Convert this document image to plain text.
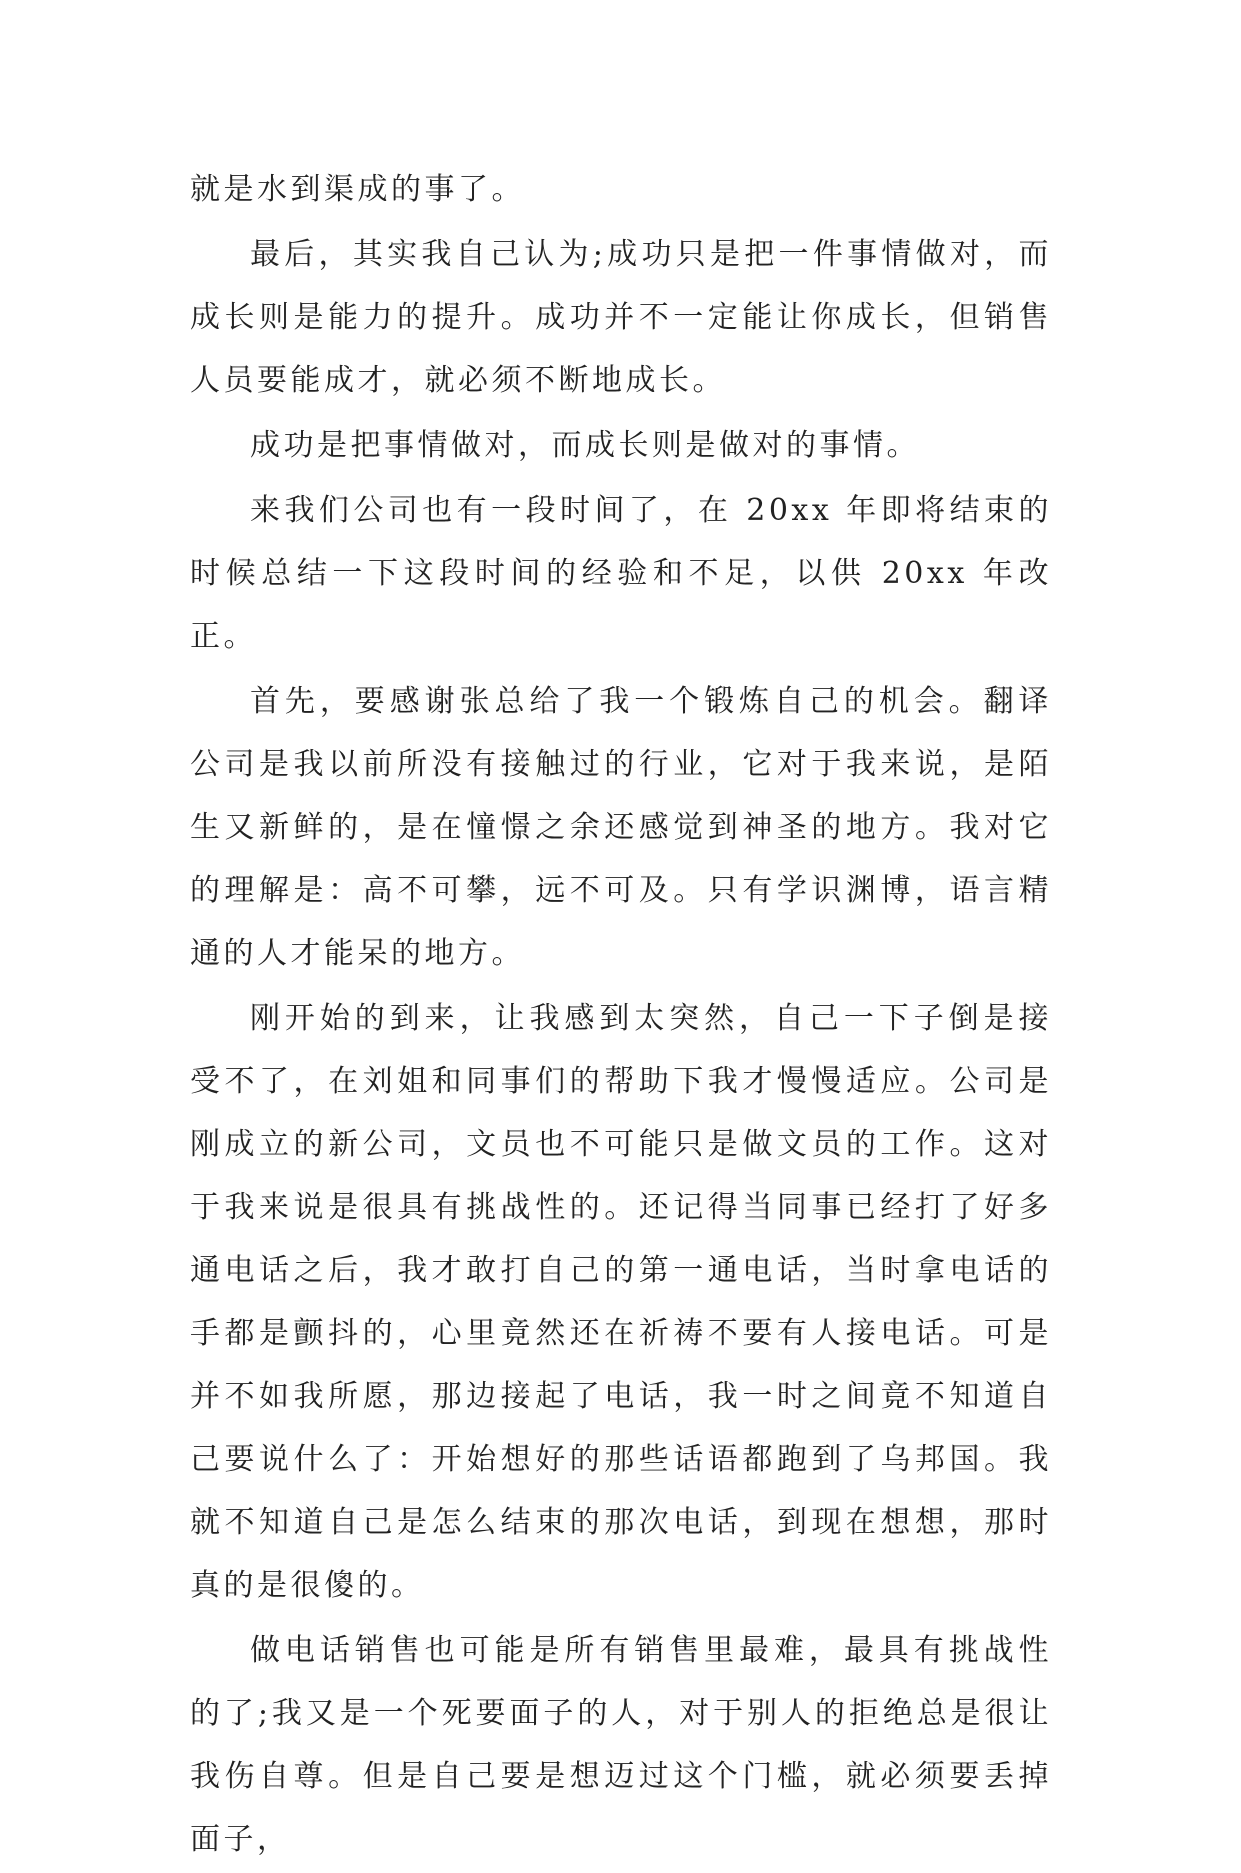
就是水到渠成的事了。

最后，其实我自己认为;成功只是把一件事情做对，而成长则是能力的提升。成功并不一定能让你成长，但销售人员要能成才，就必须不断地成长。

成功是把事情做对，而成长则是做对的事情。

来我们公司也有一段时间了，在 20xx 年即将结束的时候总结一下这段时间的经验和不足，以供 20xx 年改正。

首先，要感谢张总给了我一个锻炼自己的机会。翻译公司是我以前所没有接触过的行业，它对于我来说，是陌生又新鲜的，是在憧憬之余还感觉到神圣的地方。我对它的理解是：高不可攀，远不可及。只有学识渊博，语言精通的人才能呆的地方。

刚开始的到来，让我感到太突然，自己一下子倒是接受不了，在刘姐和同事们的帮助下我才慢慢适应。公司是刚成立的新公司，文员也不可能只是做文员的工作。这对于我来说是很具有挑战性的。还记得当同事已经打了好多通电话之后，我才敢打自己的第一通电话，当时拿电话的手都是颤抖的，心里竟然还在祈祷不要有人接电话。可是并不如我所愿，那边接起了电话，我一时之间竟不知道自己要说什么了：开始想好的那些话语都跑到了乌邦国。我就不知道自己是怎么结束的那次电话，到现在想想，那时真的是很傻的。

做电话销售也可能是所有销售里最难，最具有挑战性的了;我又是一个死要面子的人，对于别人的拒绝总是很让我伤自尊。但是自己要是想迈过这个门槛，就必须要丢掉面子，
